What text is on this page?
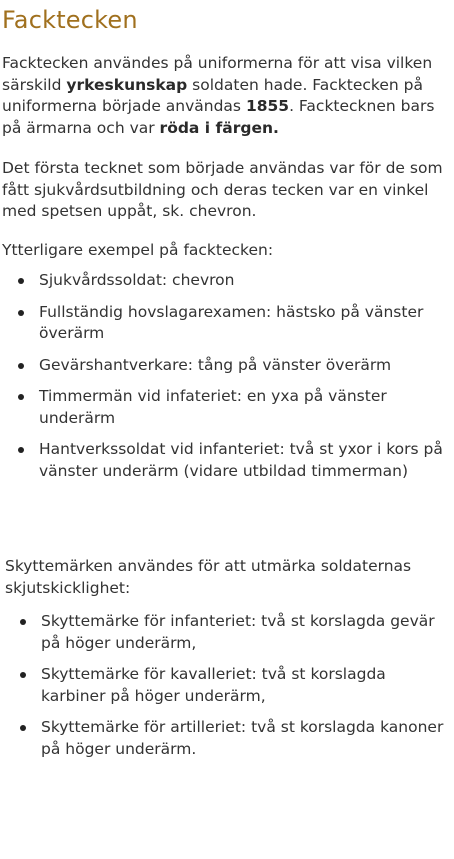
Facktecken

Facktecken användes på uniformerna för att visa vilken särskild yrkeskunskap soldaten hade. Facktecken på uniformerna började användas 1855. Facktecknen bars på ärmarna och var röda i färgen.

Det första tecknet som började användas var för de som fått sjukvårdsutbildning och deras tecken var en vinkel med spetsen uppåt, sk. chevron.

Ytterligare exempel på facktecken:

Sjukvårdssoldat: chevron
Fullständig hovslagarexamen: hästsko på vänster överärm
Gevärshantverkare: tång på vänster överärm
Timmermän vid infateriet: en yxa på vänster underärm
Hantverkssoldat vid infanteriet: två st yxor i kors på vänster underärm (vidare utbildad timmerman)

Skyttemärken användes för att utmärka soldaternas skjutskicklighet:

Skyttemärke för infanteriet: två st korslagda gevär på höger underärm,
Skyttemärke för kavalleriet: två st korslagda karbiner på höger underärm,
Skyttemärke för artilleriet: två st korslagda kanoner på höger underärm.
